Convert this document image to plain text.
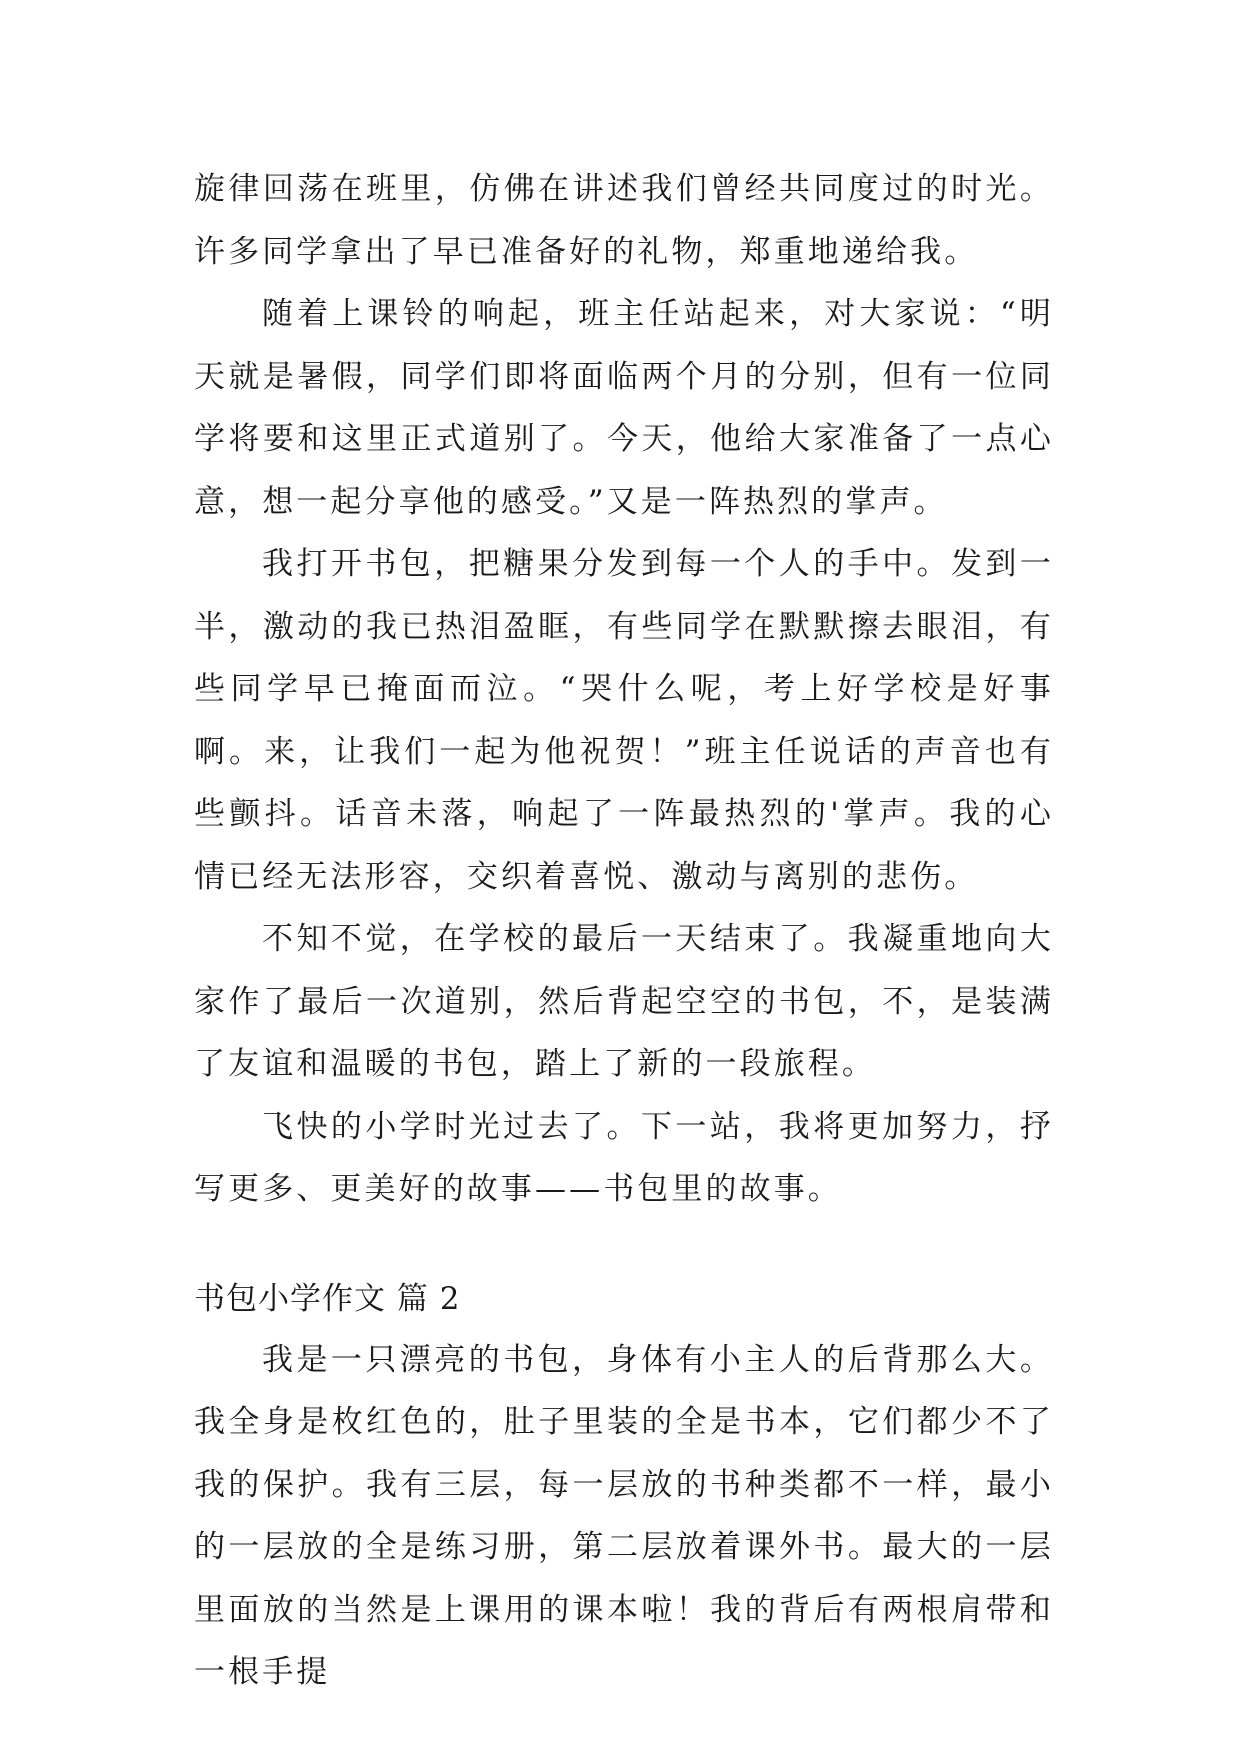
旋律回荡在班里，仿佛在讲述我们曾经共同度过的时光。许多同学拿出了早已准备好的礼物，郑重地递给我。

随着上课铃的响起，班主任站起来，对大家说：“明天就是暑假，同学们即将面临两个月的分别，但有一位同学将要和这里正式道别了。今天，他给大家准备了一点心意，想一起分享他的感受。”又是一阵热烈的掌声。

我打开书包，把糖果分发到每一个人的手中。发到一半，激动的我已热泪盈眶，有些同学在默默擦去眼泪，有些同学早已掩面而泣。“哭什么呢，考上好学校是好事啊。来，让我们一起为他祝贺！”班主任说话的声音也有些颤抖。话音未落，响起了一阵最热烈的'掌声。我的心情已经无法形容，交织着喜悦、激动与离别的悲伤。

不知不觉，在学校的最后一天结束了。我凝重地向大家作了最后一次道别，然后背起空空的书包，不，是装满了友谊和温暖的书包，踏上了新的一段旅程。

飞快的小学时光过去了。下一站，我将更加努力，抒写更多、更美好的故事——书包里的故事。

书包小学作文 篇 2

我是一只漂亮的书包，身体有小主人的后背那么大。我全身是枚红色的，肚子里装的全是书本，它们都少不了我的保护。我有三层，每一层放的书种类都不一样，最小的一层放的全是练习册，第二层放着课外书。最大的一层里面放的当然是上课用的课本啦！我的背后有两根肩带和一根手提
